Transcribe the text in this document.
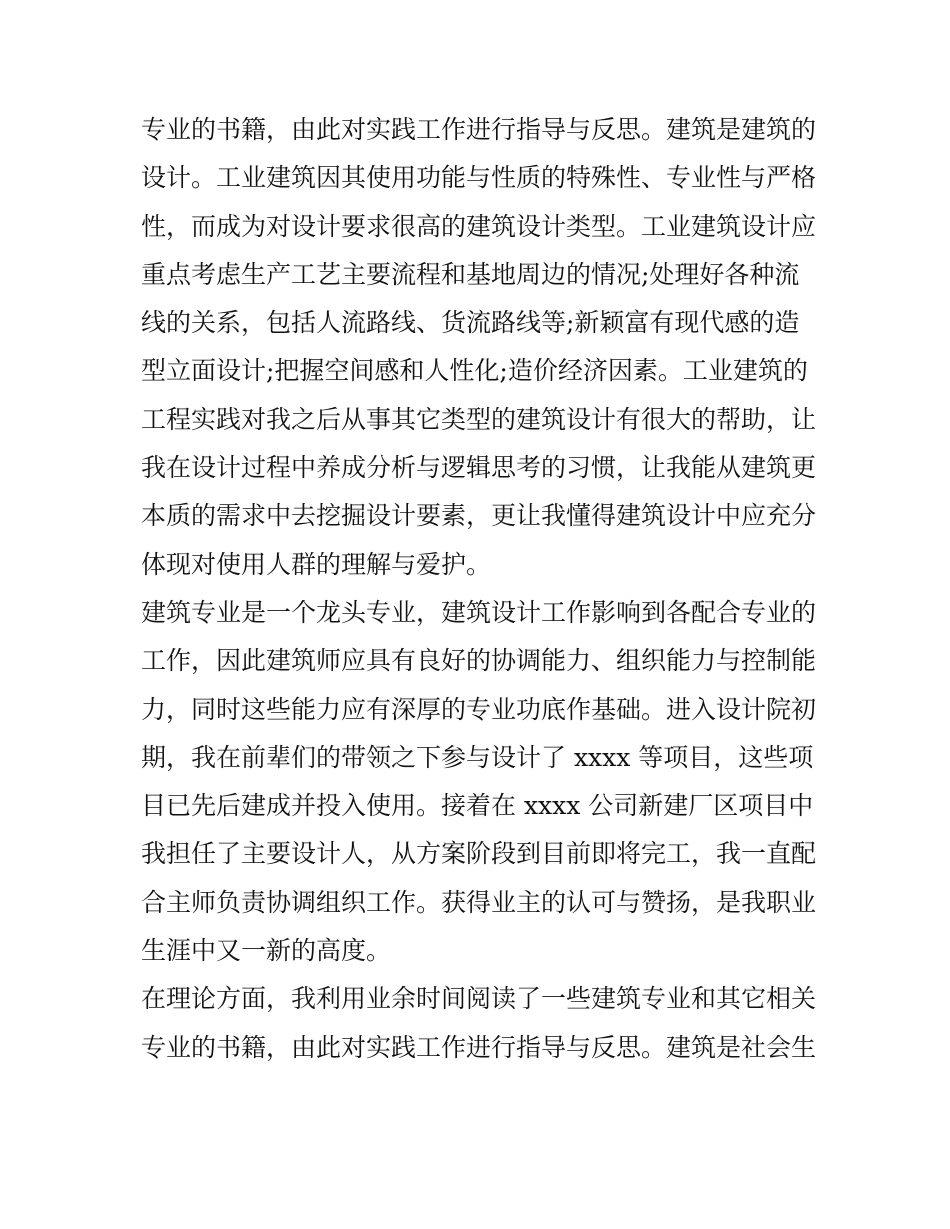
专业的书籍，由此对实践工作进行指导与反思。建筑是建筑的
设计。工业建筑因其使用功能与性质的特殊性、专业性与严格
性，而成为对设计要求很高的建筑设计类型。工业建筑设计应
重点考虑生产工艺主要流程和基地周边的情况;处理好各种流
线的关系，包括人流路线、货流路线等;新颖富有现代感的造
型立面设计;把握空间感和人性化;造价经济因素。工业建筑的
工程实践对我之后从事其它类型的建筑设计有很大的帮助，让
我在设计过程中养成分析与逻辑思考的习惯，让我能从建筑更
本质的需求中去挖掘设计要素，更让我懂得建筑设计中应充分
体现对使用人群的理解与爱护。
建筑专业是一个龙头专业，建筑设计工作影响到各配合专业的
工作，因此建筑师应具有良好的协调能力、组织能力与控制能
力，同时这些能力应有深厚的专业功底作基础。进入设计院初
期，我在前辈们的带领之下参与设计了 xxxx 等项目，这些项
目已先后建成并投入使用。接着在 xxxx 公司新建厂区项目中
我担任了主要设计人，从方案阶段到目前即将完工，我一直配
合主师负责协调组织工作。获得业主的认可与赞扬，是我职业
生涯中又一新的高度。
在理论方面，我利用业余时间阅读了一些建筑专业和其它相关
专业的书籍，由此对实践工作进行指导与反思。建筑是社会生
